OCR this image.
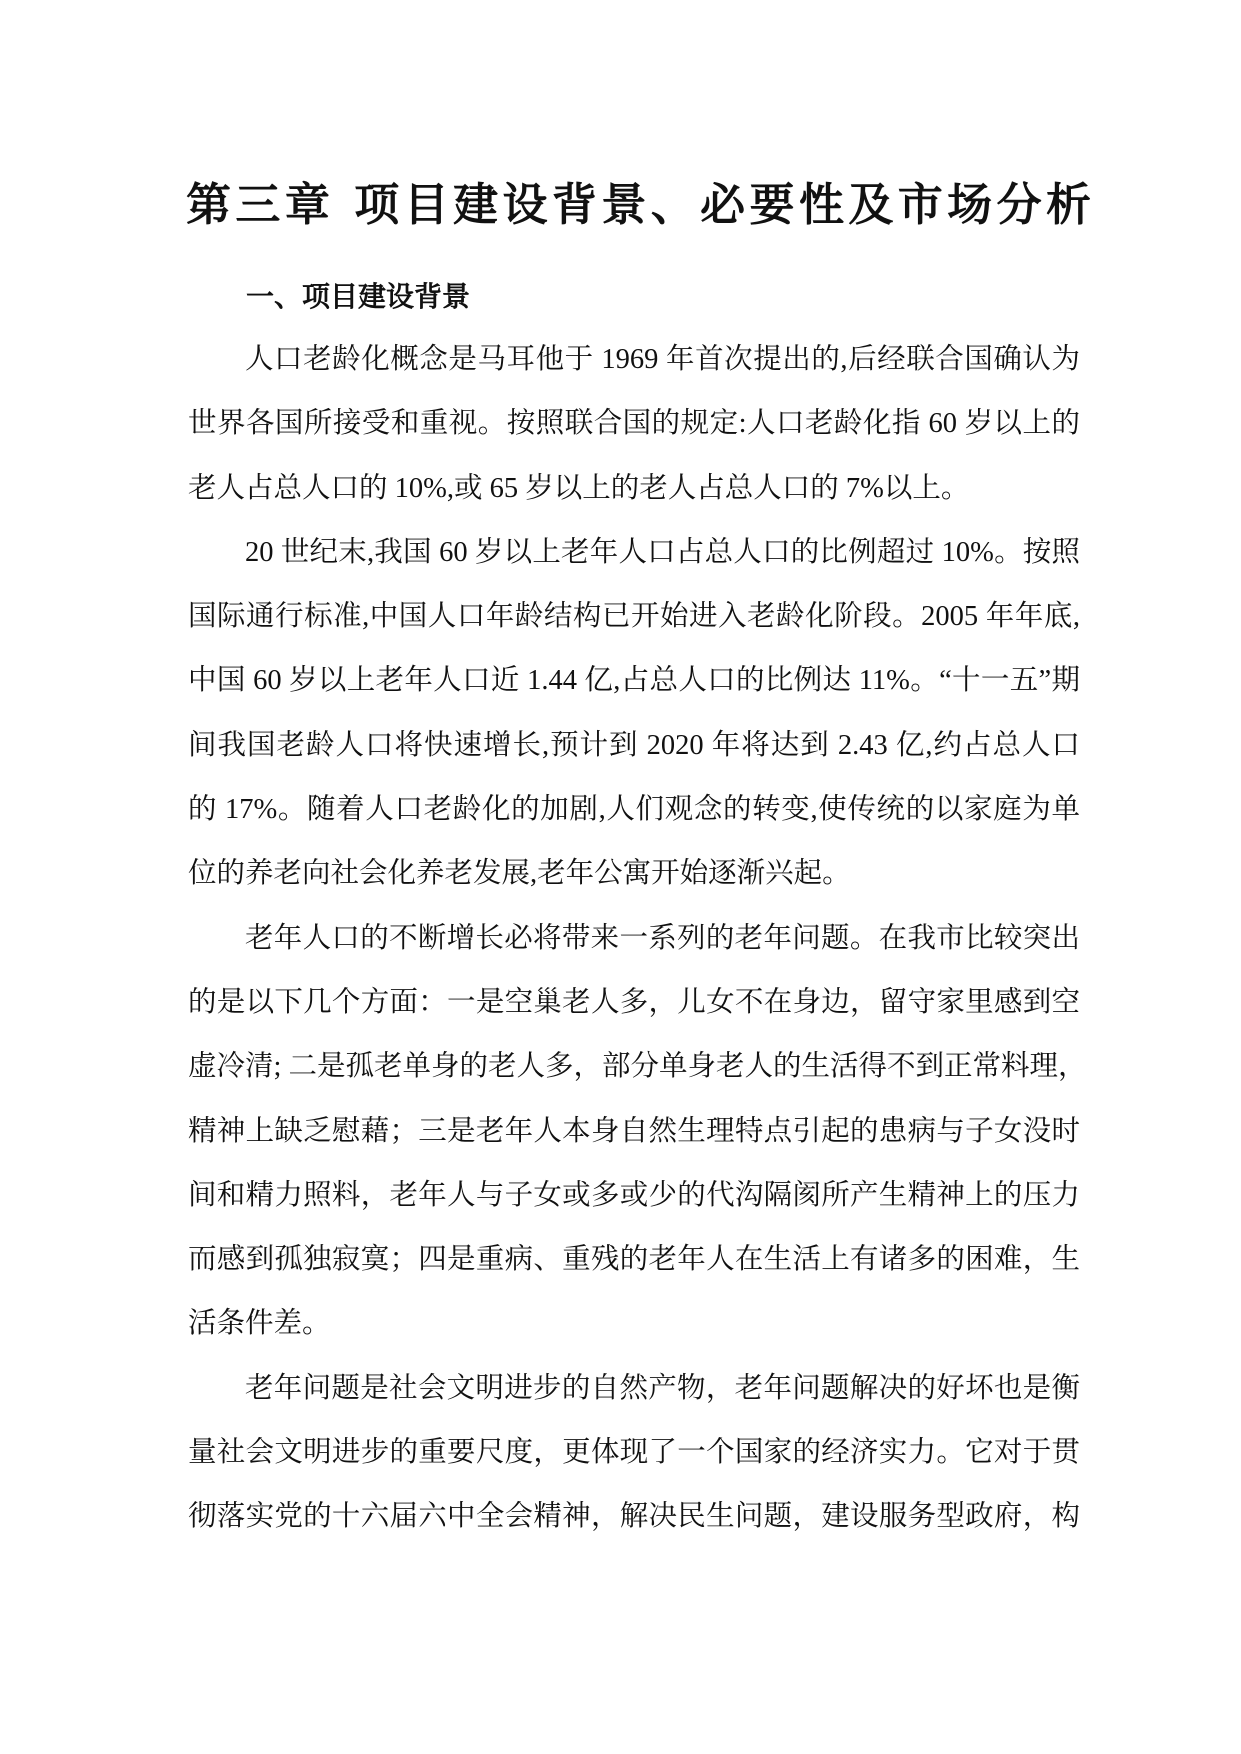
第三章 项目建设背景、必要性及市场分析
一、项目建设背景
人口老龄化概念是马耳他于 1969 年首次提出的,后经联合国确认为
世界各国所接受和重视。按照联合国的规定:人口老龄化指 60 岁以上的
老人占总人口的 10%,或 65 岁以上的老人占总人口的 7%以上。
20 世纪末,我国 60 岁以上老年人口占总人口的比例超过 10%。按照
国际通行标准,中国人口年龄结构已开始进入老龄化阶段。2005 年年底,
中国 60 岁以上老年人口近 1.44 亿,占总人口的比例达 11%。“十一五”期
间我国老龄人口将快速增长,预计到 2020 年将达到 2.43 亿,约占总人口
的 17%。随着人口老龄化的加剧,人们观念的转变,使传统的以家庭为单
位的养老向社会化养老发展,老年公寓开始逐渐兴起。
老年人口的不断增长必将带来一系列的老年问题。在我市比较突出
的是以下几个方面：一是空巢老人多，儿女不在身边，留守家里感到空
虚冷清; 二是孤老单身的老人多，部分单身老人的生活得不到正常料理，
精神上缺乏慰藉；三是老年人本身自然生理特点引起的患病与子女没时
间和精力照料，老年人与子女或多或少的代沟隔阂所产生精神上的压力
而感到孤独寂寞；四是重病、重残的老年人在生活上有诸多的困难，生
活条件差。
老年问题是社会文明进步的自然产物，老年问题解决的好坏也是衡
量社会文明进步的重要尺度，更体现了一个国家的经济实力。它对于贯
彻落实党的十六届六中全会精神，解决民生问题，建设服务型政府，构
